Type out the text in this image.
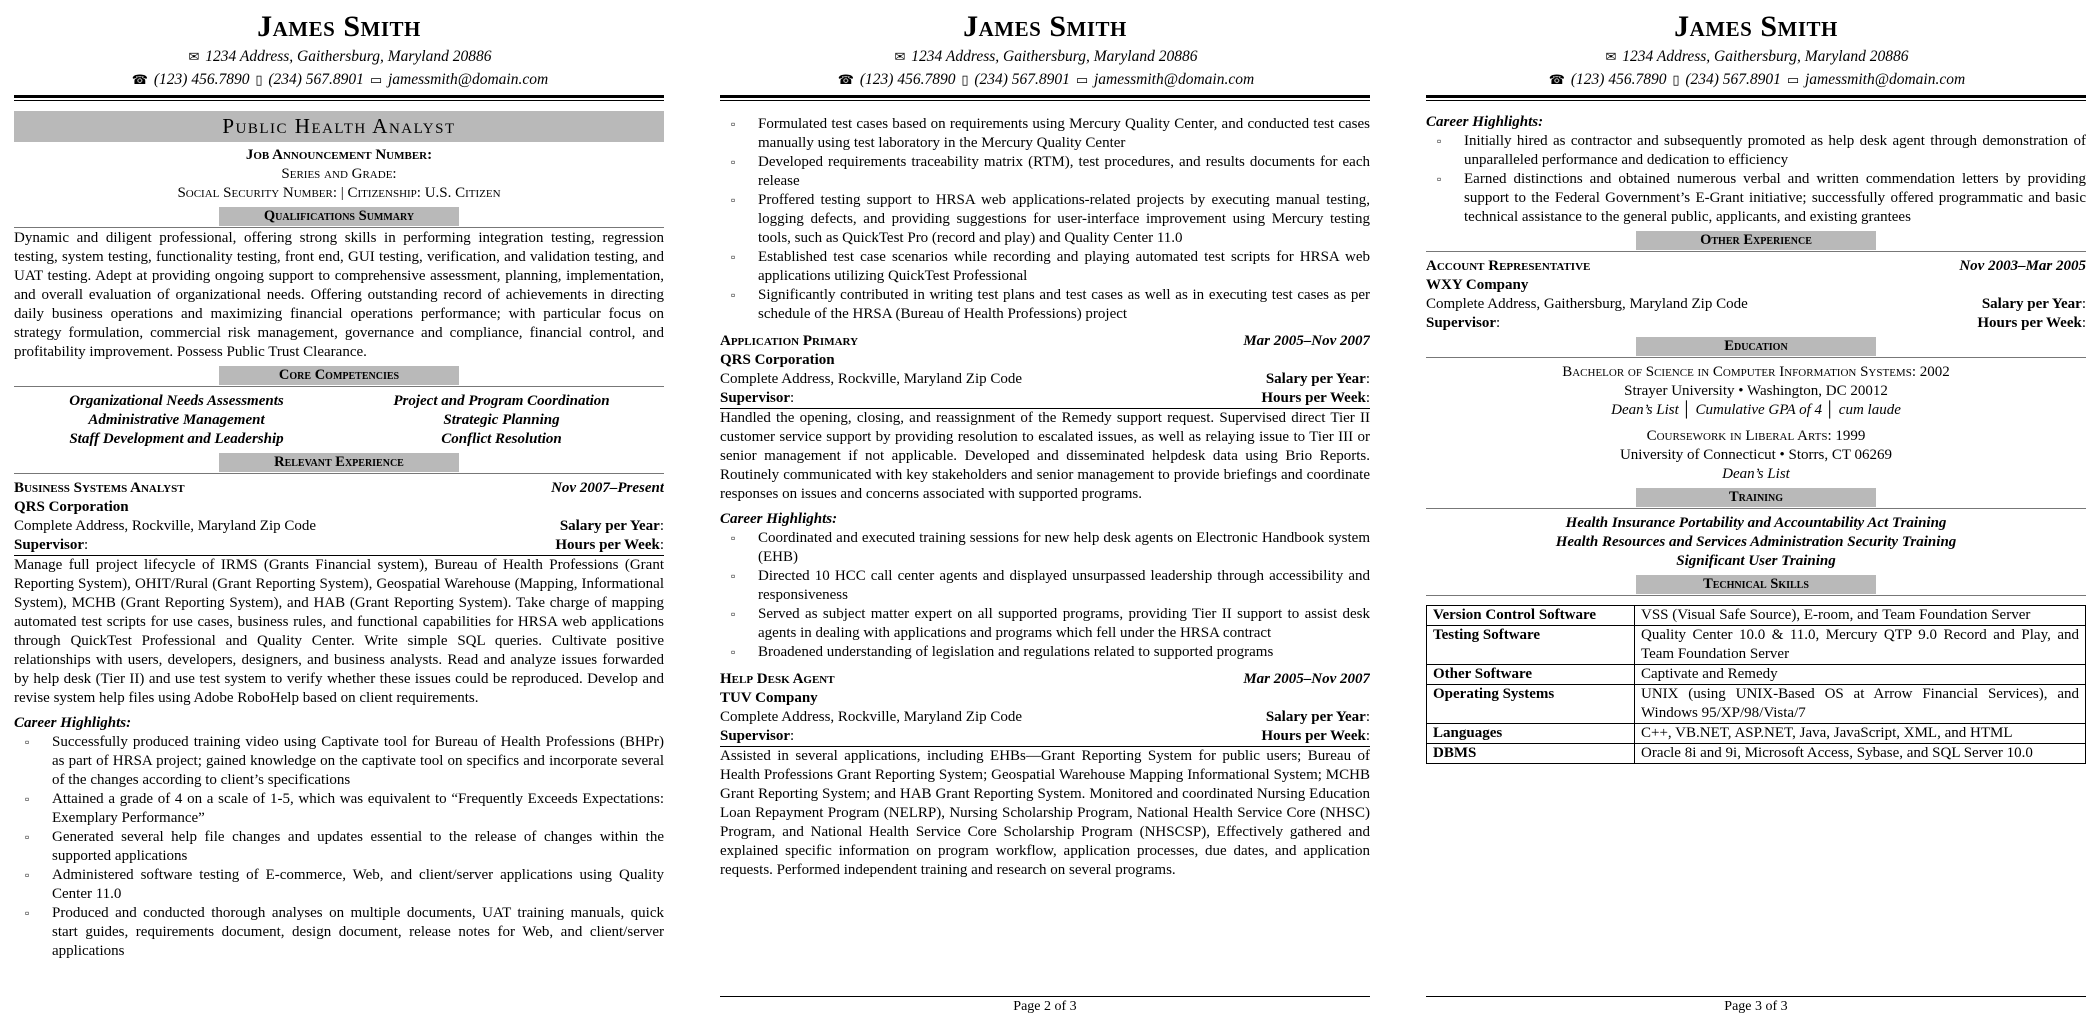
James Smith
✉ 1234 Address, Gaithersburg, Maryland 20886
☎ (123) 456.7890 ▯ (234) 567.8901 ▭ jamessmith@domain.com
Public Health Analyst
Job Announcement Number:
Series and Grade:
Social Security Number: | Citizenship: U.S. Citizen
Qualifications Summary

Dynamic and diligent professional, offering strong skills in performing integration testing, regression testing, system testing, functionality testing, front end, GUI testing, verification, and validation testing, and UAT testing. Adept at providing ongoing support to comprehensive assessment, planning, implementation, and overall evaluation of organizational needs. Offering outstanding record of achievements in directing daily business operations and maximizing financial operations performance; with particular focus on strategy formulation, commercial risk management, governance and compliance, financial control, and profitability improvement. Possess Public Trust Clearance.

Core Competencies
Organizational Needs Assessments
Administrative Management
Staff Development and Leadership
Project and Program Coordination
Strategic Planning
Conflict Resolution
Relevant Experience
Business Systems Analyst	Nov 2007–Present
QRS Corporation
Complete Address, Rockville, Maryland Zip Code	Salary per Year:
Supervisor:	Hours per Week:

Manage full project lifecycle of IRMS (Grants Financial system), Bureau of Health Professions (Grant Reporting System), OHIT/Rural (Grant Reporting System), Geospatial Warehouse (Mapping, Informational System), MCHB (Grant Reporting System), and HAB (Grant Reporting System). Take charge of mapping automated test scripts for use cases, business rules, and functional capabilities for HRSA web applications through QuickTest Professional and Quality Center. Write simple SQL queries. Cultivate positive relationships with users, developers, designers, and business analysts. Read and analyze issues forwarded by help desk (Tier II) and use test system to verify whether these issues could be reproduced. Develop and revise system help files using Adobe RoboHelp based on client requirements.

Career Highlights:
▫ Successfully produced training video using Captivate tool for Bureau of Health Professions (BHPr) as part of HRSA project; gained knowledge on the captivate tool on specifics and incorporate several of the changes according to client’s specifications
▫ Attained a grade of 4 on a scale of 1-5, which was equivalent to “Frequently Exceeds Expectations: Exemplary Performance”
▫ Generated several help file changes and updates essential to the release of changes within the supported applications
▫ Administered software testing of E-commerce, Web, and client/server applications using Quality Center 11.0
▫ Produced and conducted thorough analyses on multiple documents, UAT training manuals, quick start guides, requirements document, design document, release notes for Web, and client/server applications
James Smith
✉ 1234 Address, Gaithersburg, Maryland 20886
☎ (123) 456.7890 ▯ (234) 567.8901 ▭ jamessmith@domain.com
▫ Formulated test cases based on requirements using Mercury Quality Center, and conducted test cases manually using test laboratory in the Mercury Quality Center
▫ Developed requirements traceability matrix (RTM), test procedures, and results documents for each release
▫ Proffered testing support to HRSA web applications-related projects by executing manual testing, logging defects, and providing suggestions for user-interface improvement using Mercury testing tools, such as QuickTest Pro (record and play) and Quality Center 11.0
▫ Established test case scenarios while recording and playing automated test scripts for HRSA web applications utilizing QuickTest Professional
▫ Significantly contributed in writing test plans and test cases as well as in executing test cases as per schedule of the HRSA (Bureau of Health Professions) project
Application Primary	Mar 2005–Nov 2007
QRS Corporation
Complete Address, Rockville, Maryland Zip Code	Salary per Year:
Supervisor:	Hours per Week:

Handled the opening, closing, and reassignment of the Remedy support request. Supervised direct Tier II customer service support by providing resolution to escalated issues, as well as relaying issue to Tier III or senior management if not applicable. Developed and disseminated helpdesk data using Brio Reports. Routinely communicated with key stakeholders and senior management to provide briefings and coordinate responses on issues and concerns associated with supported programs.

Career Highlights:
▫ Coordinated and executed training sessions for new help desk agents on Electronic Handbook system (EHB)
▫ Directed 10 HCC call center agents and displayed unsurpassed leadership through accessibility and responsiveness
▫ Served as subject matter expert on all supported programs, providing Tier II support to assist desk agents in dealing with applications and programs which fell under the HRSA contract
▫ Broadened understanding of legislation and regulations related to supported programs
Help Desk Agent	Mar 2005–Nov 2007
TUV Company
Complete Address, Rockville, Maryland Zip Code	Salary per Year:
Supervisor:	Hours per Week:

Assisted in several applications, including EHBs—Grant Reporting System for public users; Bureau of Health Professions Grant Reporting System; Geospatial Warehouse Mapping Informational System; MCHB Grant Reporting System; and HAB Grant Reporting System. Monitored and coordinated Nursing Education Loan Repayment Program (NELRP), Nursing Scholarship Program, National Health Service Core (NHSC) Program, and National Health Service Core Scholarship Program (NHSCSP), Effectively gathered and explained specific information on program workflow, application processes, due dates, and application requests. Performed independent training and research on several programs.

Page 2 of 3
James Smith
✉ 1234 Address, Gaithersburg, Maryland 20886
☎ (123) 456.7890 ▯ (234) 567.8901 ▭ jamessmith@domain.com
Career Highlights:
▫ Initially hired as contractor and subsequently promoted as help desk agent through demonstration of unparalleled performance and dedication to efficiency
▫ Earned distinctions and obtained numerous verbal and written commendation letters by providing support to the Federal Government’s E-Grant initiative; successfully offered programmatic and basic technical assistance to the general public, applicants, and existing grantees
Other Experience
Account Representative	Nov 2003–Mar 2005
WXY Company
Complete Address, Gaithersburg, Maryland Zip Code	Salary per Year:
Supervisor:	Hours per Week:
Education
Bachelor of Science in Computer Information Systems: 2002
Strayer University • Washington, DC 20012
Dean’s List │ Cumulative GPA of 4 │ cum laude
Coursework in Liberal Arts: 1999
University of Connecticut • Storrs, CT 06269
Dean’s List
Training
Health Insurance Portability and Accountability Act Training
Health Resources and Services Administration Security Training
Significant User Training
Technical Skills
Version Control Software	VSS (Visual Safe Source), E-room, and Team Foundation Server
Testing Software	Quality Center 10.0 & 11.0, Mercury QTP 9.0 Record and Play, and Team Foundation Server
Other Software	Captivate and Remedy
Operating Systems	UNIX (using UNIX-Based OS at Arrow Financial Services), and Windows 95/XP/98/Vista/7
Languages	C++, VB.NET, ASP.NET, Java, JavaScript, XML, and HTML
DBMS	Oracle 8i and 9i, Microsoft Access, Sybase, and SQL Server 10.0
Page 3 of 3
